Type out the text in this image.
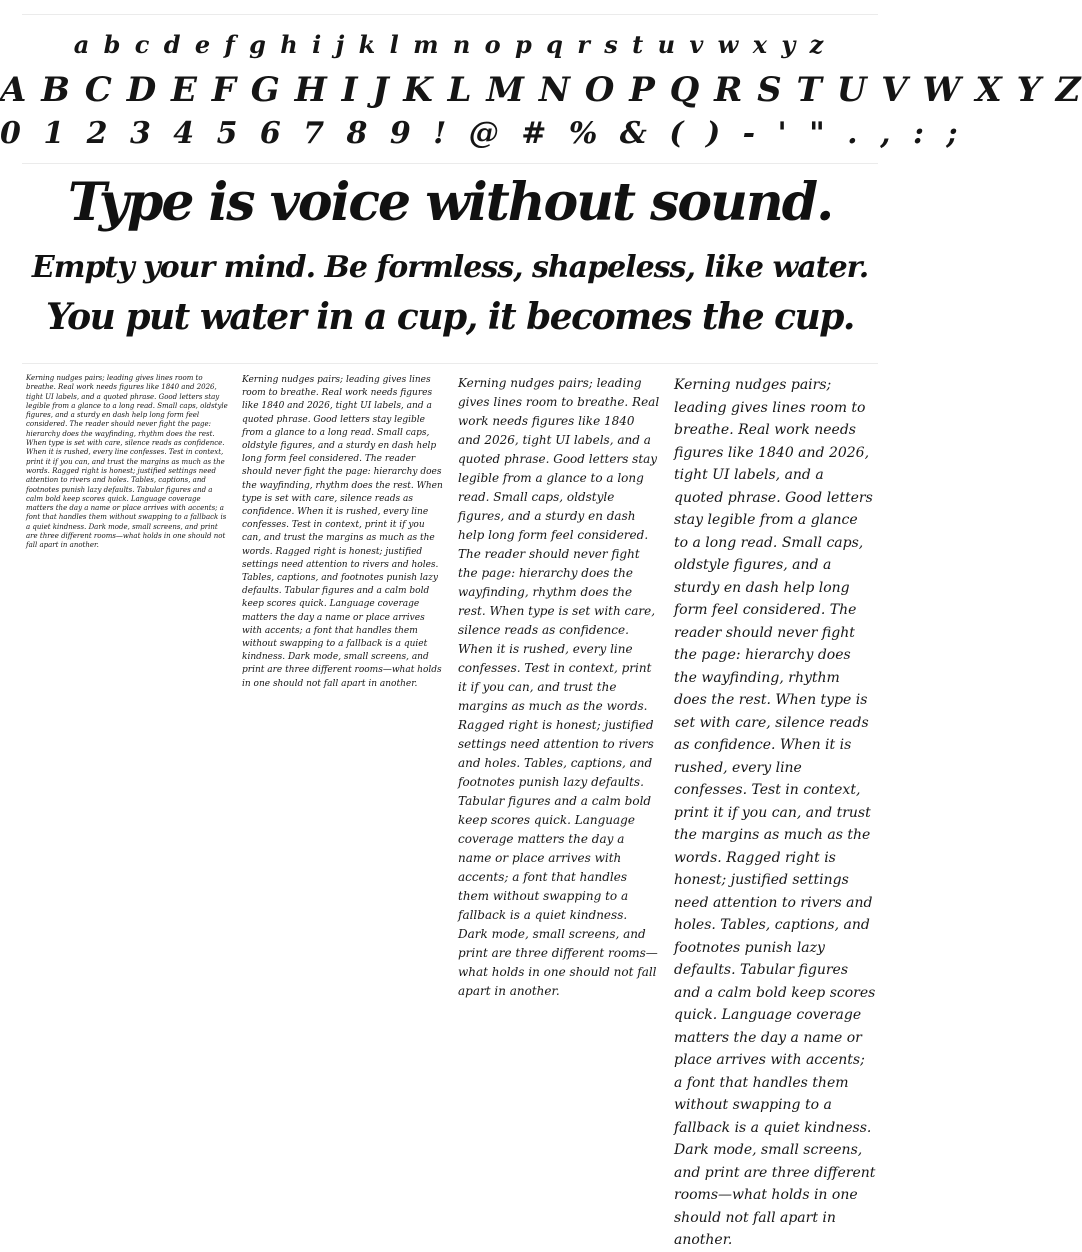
a b c d e f g h i j k l m n o p q r s t u v w x y z
A B C D E F G H I J K L M N O P Q R S T U V W X Y Z
0 1 2 3 4 5 6 7 8 9 ! @ # % & ( ) - ' " . , : ;
Type is voice without sound.
Empty your mind. Be formless, shapeless, like water.
You put water in a cup, it becomes the cup.

Kerning nudges pairs; leading gives lines room to breathe. Real work needs figures like 1840 and 2026, tight UI labels, and a quoted phrase. Good letters stay legible from a glance to a long read. Small caps, oldstyle figures, and a sturdy en dash help long form feel considered. The reader should never fight the page: hierarchy does the wayfinding, rhythm does the rest. When type is set with care, silence reads as confidence. When it is rushed, every line confesses. Test in context, print it if you can, and trust the margins as much as the words. Ragged right is honest; justified settings need attention to rivers and holes. Tables, captions, and footnotes punish lazy defaults. Tabular figures and a calm bold keep scores quick. Language coverage matters the day a name or place arrives with accents; a font that handles them without swapping to a fallback is a quiet kindness. Dark mode, small screens, and print are three different rooms—what holds in one should not fall apart in another.

Kerning nudges pairs; leading gives lines room to breathe. Real work needs figures like 1840 and 2026, tight UI labels, and a quoted phrase. Good letters stay legible from a glance to a long read. Small caps, oldstyle figures, and a sturdy en dash help long form feel considered. The reader should never fight the page: hierarchy does the wayfinding, rhythm does the rest. When type is set with care, silence reads as confidence. When it is rushed, every line confesses. Test in context, print it if you can, and trust the margins as much as the words. Ragged right is honest; justified settings need attention to rivers and holes. Tables, captions, and footnotes punish lazy defaults. Tabular figures and a calm bold keep scores quick. Language coverage matters the day a name or place arrives with accents; a font that handles them without swapping to a fallback is a quiet kindness. Dark mode, small screens, and print are three different rooms—what holds in one should not fall apart in another.

Kerning nudges pairs; leading gives lines room to breathe. Real work needs figures like 1840 and 2026, tight UI labels, and a quoted phrase. Good letters stay legible from a glance to a long read. Small caps, oldstyle figures, and a sturdy en dash help long form feel considered. The reader should never fight the page: hierarchy does the wayfinding, rhythm does the rest. When type is set with care, silence reads as confidence. When it is rushed, every line confesses. Test in context, print it if you can, and trust the margins as much as the words. Ragged right is honest; justified settings need attention to rivers and holes. Tables, captions, and footnotes punish lazy defaults. Tabular figures and a calm bold keep scores quick. Language coverage matters the day a name or place arrives with accents; a font that handles them without swapping to a fallback is a quiet kindness. Dark mode, small screens, and print are three different rooms—what holds in one should not fall apart in another.

Kerning nudges pairs; leading gives lines room to breathe. Real work needs figures like 1840 and 2026, tight UI labels, and a quoted phrase. Good letters stay legible from a glance to a long read. Small caps, oldstyle figures, and a sturdy en dash help long form feel considered. The reader should never fight the page: hierarchy does the wayfinding, rhythm does the rest. When type is set with care, silence reads as confidence. When it is rushed, every line confesses. Test in context, print it if you can, and trust the margins as much as the words. Ragged right is honest; justified settings need attention to rivers and holes. Tables, captions, and footnotes punish lazy defaults. Tabular figures and a calm bold keep scores quick. Language coverage matters the day a name or place arrives with accents; a font that handles them without swapping to a fallback is a quiet kindness. Dark mode, small screens, and print are three different rooms—what holds in one should not fall apart in another.
